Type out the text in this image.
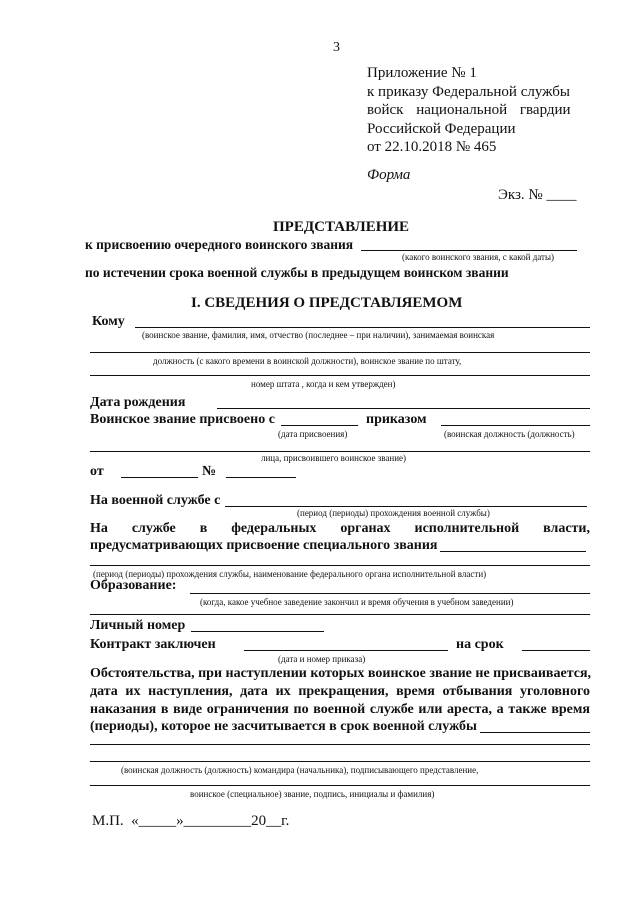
3
Приложение № 1
к приказу Федеральной службы
войск национальной гвардии
Российской Федерации
от 22.10.2018 № 465
Форма
Экз. № ____
ПРЕДСТАВЛЕНИЕ
к присвоению очередного воинского звания
(какого воинского звания, с какой даты)
по истечении срока военной службы в предыдущем воинском звании
I. СВЕДЕНИЯ О ПРЕДСТАВЛЯЕМОМ
Кому
(воинское звание, фамилия, имя, отчество (последнее – при наличии), занимаемая воинская
должность (с какого времени в воинской должности), воинское звание по штату,
номер штата , когда и кем утвержден)
Дата рождения
Воинское звание присвоено с	приказом
(дата присвоения)	(воинская должность (должность)
лица, присвоившего воинское звание)
от	№
На военной службе с
(период (периоды) прохождения военной службы)
На службе в федеральных органах исполнительной власти,
предусматривающих присвоение специального звания
(период (периоды) прохождения службы, наименование федерального органа исполнительной власти)
Образование:
(когда, какое учебное заведение закончил и время обучения в учебном заведении)
Личный номер
Контракт заключен	на срок
(дата и номер приказа)
Обстоятельства, при наступлении которых воинское звание не присваивается,
дата их наступления, дата их прекращения, время отбывания уголовного
наказания в виде ограничения по военной службе или ареста, а также время
(периоды), которое не засчитывается в срок военной службы
(воинская должность (должность) командира (начальника), подписывающего представление,
воинское (специальное) звание, подпись, инициалы и фамилия)
М.П.  «_____»_________20__г.
